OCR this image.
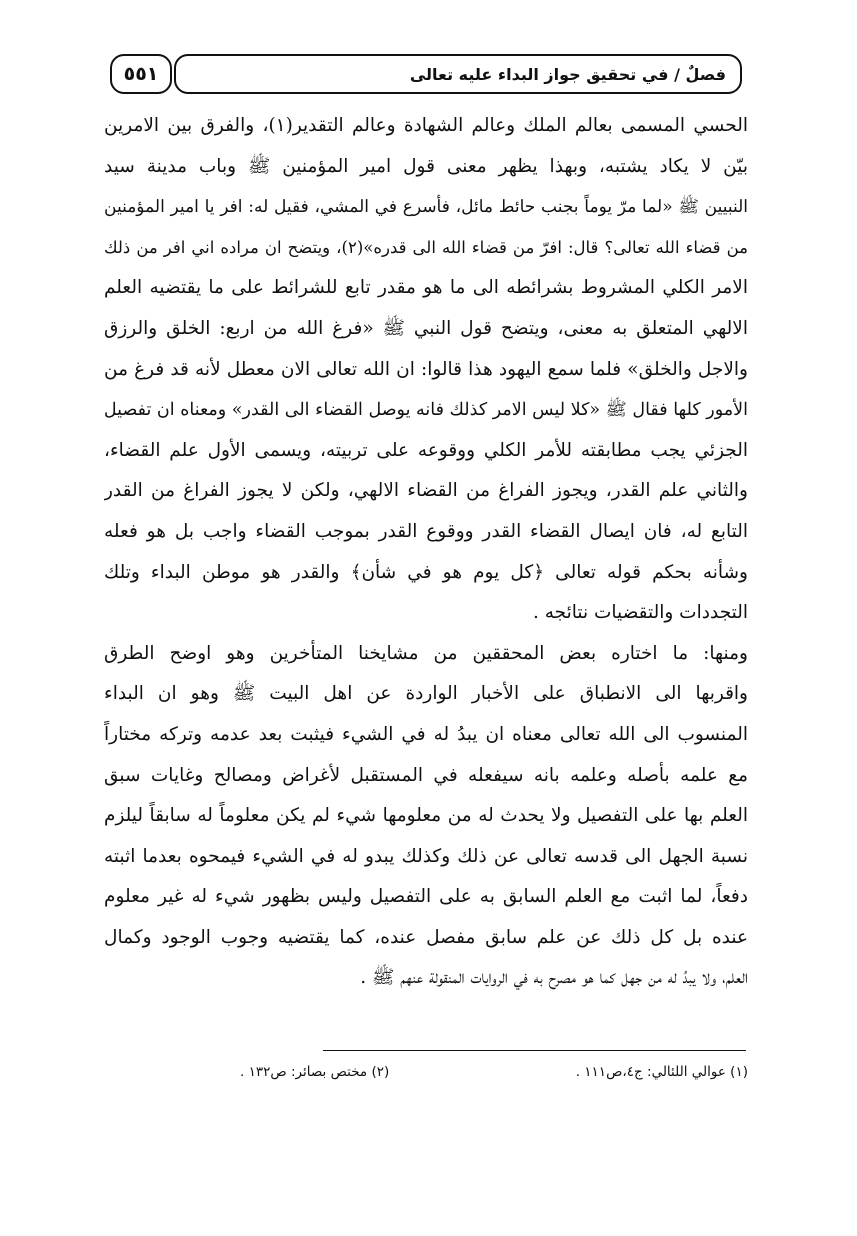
٥٥١	فصلٌ / في تحقيق جواز البداء عليه تعالى
الحسي المسمى بعالم الملك وعالم الشهادة وعالم التقدير(١)، والفرق بين الامرين
بيّن لا يكاد يشتبه، وبهذا يظهر معنى قول امير المؤمنين ﷺ وباب مدينة سيد
النبيين ﷺ «لما مرّ يوماً بجنب حائط مائل، فأسرع في المشي، فقيل له: افر يا امير المؤمنين
من قضاء الله تعالى؟ قال: افرّ من قضاء الله الى قدره»(٢)، ويتضح ان مراده اني افر من ذلك
الامر الكلي المشروط بشرائطه الى ما هو مقدر تابع للشرائط على ما يقتضيه العلم
الالهي المتعلق به معنى، ويتضح قول النبي ﷺ «فرغ الله من اربع: الخلق والرزق
والاجل والخلق» فلما سمع اليهود هذا قالوا: ان الله تعالى الان معطل لأنه قد فرغ من
الأمور كلها فقال ﷺ «كلا ليس الامر كذلك فانه يوصل القضاء الى القدر» ومعناه ان تفصيل
الجزئي يجب مطابقته للأمر الكلي ووقوعه على تربيته، ويسمى الأول علم القضاء،
والثاني علم القدر، ويجوز الفراغ من القضاء الالهي، ولكن لا يجوز الفراغ من القدر
التابع له، فان ايصال القضاء القدر ووقوع القدر بموجب القضاء واجب بل هو فعله
وشأنه بحكم قوله تعالى ﴿كل يوم هو في شأن﴾ والقدر هو موطن البداء وتلك
التجددات والتقضيات نتائجه .
ومنها: ما اختاره بعض المحققين من مشايخنا المتأخرين وهو اوضح الطرق
واقربها الى الانطباق على الأخبار الواردة عن اهل البيت ﷺ وهو ان البداء
المنسوب الى الله تعالى معناه ان يبدُ له في الشيء فيثبت بعد عدمه وتركه مختاراً
مع علمه بأصله وعلمه بانه سيفعله في المستقبل لأغراض ومصالح وغايات سبق
العلم بها على التفصيل ولا يحدث له من معلومها شيء لم يكن معلوماً له سابقاً ليلزم
نسبة الجهل الى قدسه تعالى عن ذلك وكذلك يبدو له في الشيء فيمحوه بعدما اثبته
دفعاً، لما اثبت مع العلم السابق به على التفصيل وليس بظهور شيء له غير معلوم
عنده بل كل ذلك عن علم سابق مفصل عنده، كما يقتضيه وجوب الوجود وكمال
العلم، ولا يبدُ له من جهل كما هو مصرح به في الروايات المنقولة عنهم ﷺ .
(١) عوالي اللئالي: ج٤،ص١١١ .
(٢) مختص بصائر: ص١٣٢ .
